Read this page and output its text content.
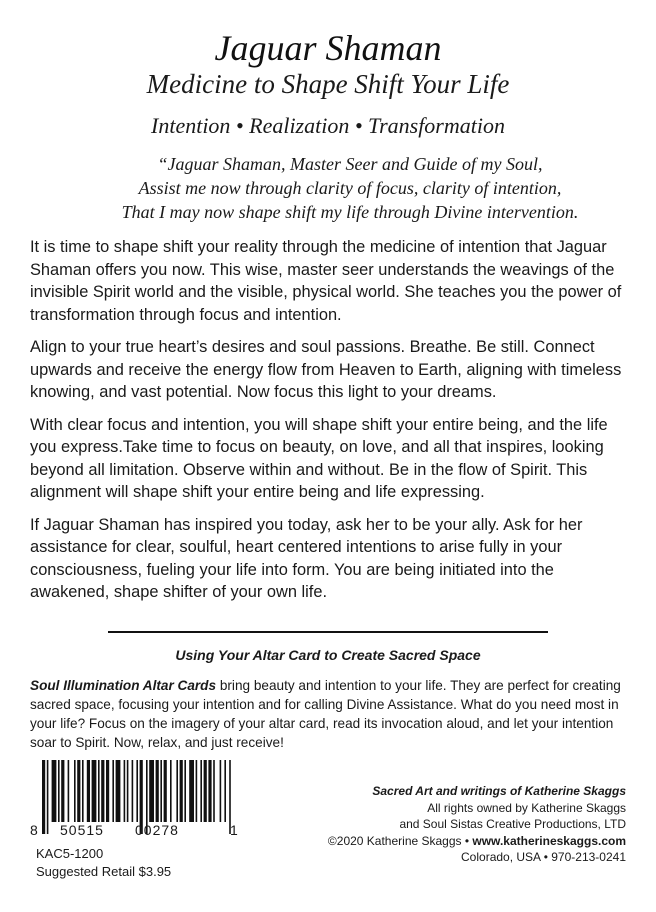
Jaguar Shaman
Medicine to Shape Shift Your Life
Intention • Realization • Transformation
“Jaguar Shaman, Master Seer and Guide of my Soul,
Assist me now through clarity of focus, clarity of intention,
That I may now shape shift my life through Divine intervention.

It is time to shape shift your reality through the medicine of intention that Jaguar Shaman offers you now. This wise, master seer understands the weavings of the invisible Spirit world and the visible, physical world. She teaches you the power of transformation through focus and intention.

Align to your true heart’s desires and soul passions. Breathe. Be still. Connect upwards and receive the energy flow from Heaven to Earth, aligning with timeless knowing, and vast potential. Now focus this light to your dreams.

With clear focus and intention, you will shape shift your entire being, and the life you express.Take time to focus on beauty, on love, and all that inspires, looking beyond all limitation. Observe within and without. Be in the flow of Spirit. This alignment will shape shift your entire being and life expressing.

If Jaguar Shaman has inspired you today, ask her to be your ally. Ask for her assistance for clear, soulful, heart centered intentions to arise fully in your consciousness, fueling your life into form. You are being initiated into the awakened, shape shifter of your own life.

Using Your Altar Card to Create Sacred Space
Soul Illumination Altar Cards bring beauty and intention to your life. They are perfect for creating sacred space, focusing your intention and for calling Divine Assistance. What do you need most in your life? Focus on the imagery of your altar card, read its invocation aloud, and let your intention soar to Spirit. Now, relax, and just receive!
8 50515 00278	1
KAC5-1200
Suggested Retail $3.95
Sacred Art and writings of Katherine Skaggs
All rights owned by Katherine Skaggs
and Soul Sistas Creative Productions, LTD
©2020 Katherine Skaggs • www.katherineskaggs.com
Colorado, USA • 970-213-0241
